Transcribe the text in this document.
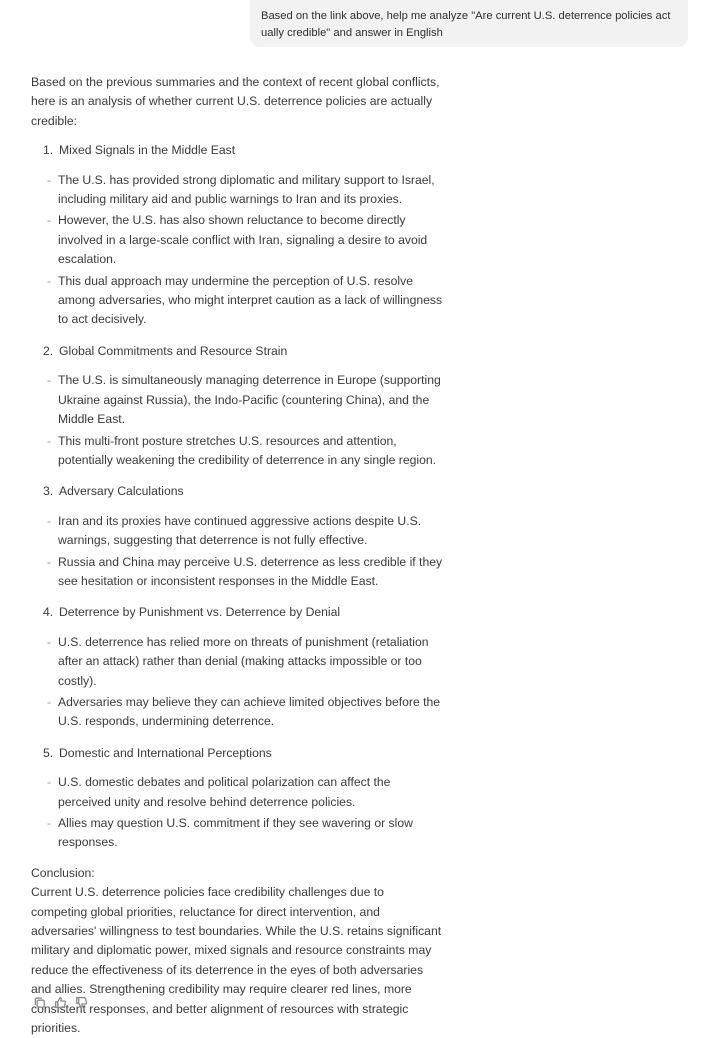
Based on the link above, help me analyze "Are current U.S. deterrence policies actually credible" and answer in English
Based on the previous summaries and the context of recent global conflicts, here is an analysis of whether current U.S. deterrence policies are actually credible:
1. Mixed Signals in the Middle East
- The U.S. has provided strong diplomatic and military support to Israel, including military aid and public warnings to Iran and its proxies.
- However, the U.S. has also shown reluctance to become directly involved in a large-scale conflict with Iran, signaling a desire to avoid escalation.
- This dual approach may undermine the perception of U.S. resolve among adversaries, who might interpret caution as a lack of willingness to act decisively.
2. Global Commitments and Resource Strain
- The U.S. is simultaneously managing deterrence in Europe (supporting Ukraine against Russia), the Indo-Pacific (countering China), and the Middle East.
- This multi-front posture stretches U.S. resources and attention, potentially weakening the credibility of deterrence in any single region.
3. Adversary Calculations
- Iran and its proxies have continued aggressive actions despite U.S. warnings, suggesting that deterrence is not fully effective.
- Russia and China may perceive U.S. deterrence as less credible if they see hesitation or inconsistent responses in the Middle East.
4. Deterrence by Punishment vs. Deterrence by Denial
- U.S. deterrence has relied more on threats of punishment (retaliation after an attack) rather than denial (making attacks impossible or too costly).
- Adversaries may believe they can achieve limited objectives before the U.S. responds, undermining deterrence.
5. Domestic and International Perceptions
- U.S. domestic debates and political polarization can affect the perceived unity and resolve behind deterrence policies.
- Allies may question U.S. commitment if they see wavering or slow responses.
Conclusion:
Current U.S. deterrence policies face credibility challenges due to competing global priorities, reluctance for direct intervention, and adversaries' willingness to test boundaries. While the U.S. retains significant military and diplomatic power, mixed signals and resource constraints may reduce the effectiveness of its deterrence in the eyes of both adversaries and allies. Strengthening credibility may require clearer red lines, more consistent responses, and better alignment of resources with strategic priorities.
